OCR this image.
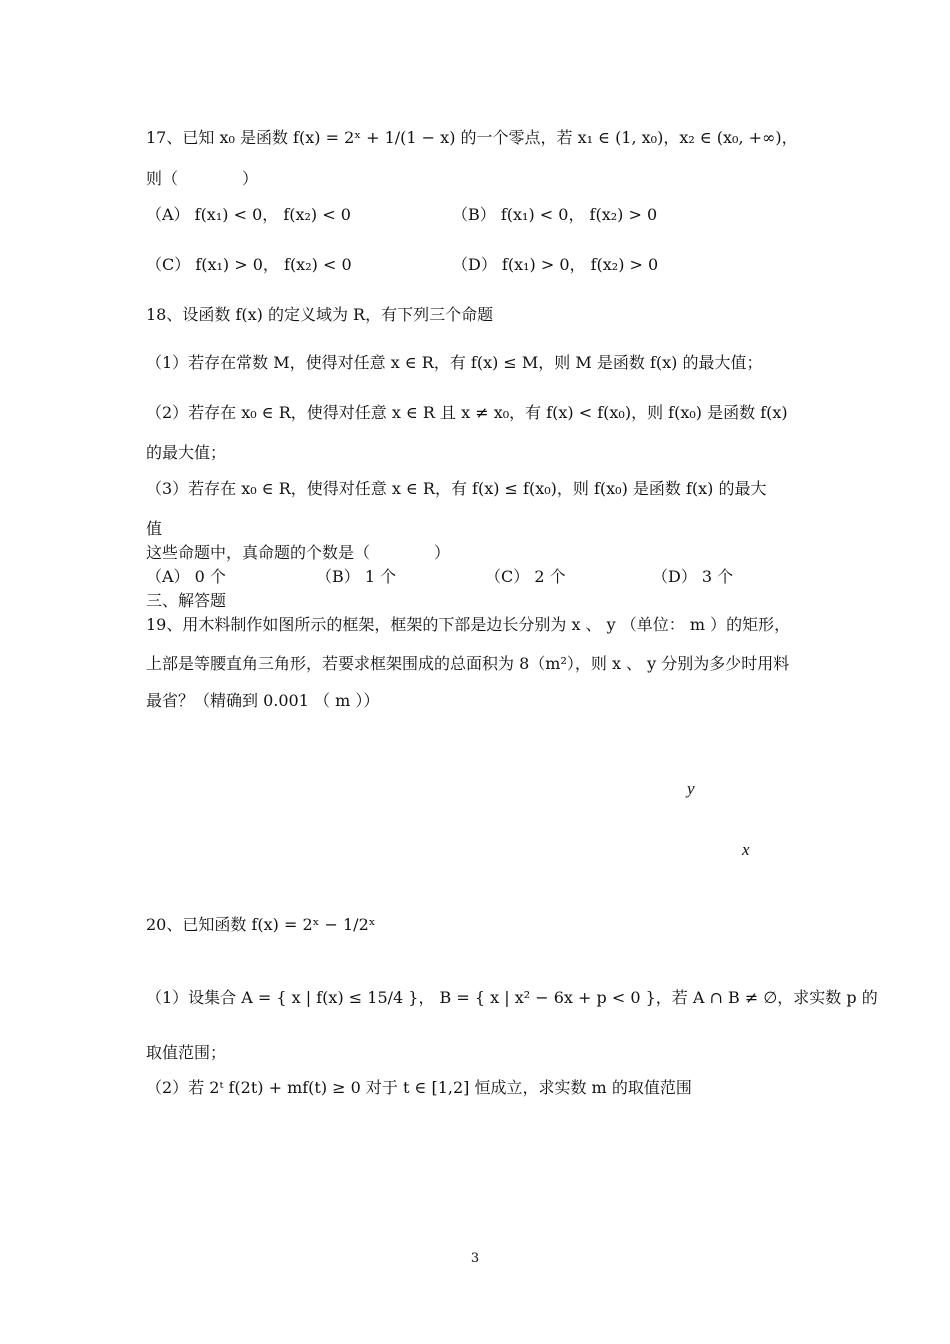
17、已知 x₀ 是函数 f(x) = 2ˣ + 1/(1 − x) 的一个零点，若 x₁ ∈ (1, x₀)，x₂ ∈ (x₀, +∞)，
则（　　　　）
（A） f(x₁) < 0， f(x₂) < 0	（B） f(x₁) < 0， f(x₂) > 0
（C） f(x₁) > 0， f(x₂) < 0	（D） f(x₁) > 0， f(x₂) > 0
18、设函数 f(x) 的定义域为 R，有下列三个命题
（1）若存在常数 M，使得对任意 x ∈ R，有 f(x) ≤ M，则 M 是函数 f(x) 的最大值；
（2）若存在 x₀ ∈ R，使得对任意 x ∈ R 且 x ≠ x₀，有 f(x) < f(x₀)，则 f(x₀) 是函数 f(x)
的最大值；
（3）若存在 x₀ ∈ R，使得对任意 x ∈ R，有 f(x) ≤ f(x₀)，则 f(x₀) 是函数 f(x) 的最大
值
这些命题中，真命题的个数是（　　　　）
（A） 0 个	（B） 1 个	（C） 2 个	（D） 3 个
三、解答题
19、用木料制作如图所示的框架，框架的下部是边长分别为 x 、 y （单位： m ）的矩形，
上部是等腰直角三角形，若要求框架围成的总面积为 8（m²），则 x 、 y 分别为多少时用料
最省？（精确到 0.001 （ m ））
y
x
20、已知函数 f(x) = 2ˣ − 1/2ˣ
（1）设集合 A = { x | f(x) ≤ 15/4 }， B = { x | x² − 6x + p < 0 }，若 A ∩ B ≠ ∅，求实数 p 的
取值范围；
（2）若 2ᵗ f(2t) + mf(t) ≥ 0 对于 t ∈ [1,2] 恒成立，求实数 m 的取值范围
3
